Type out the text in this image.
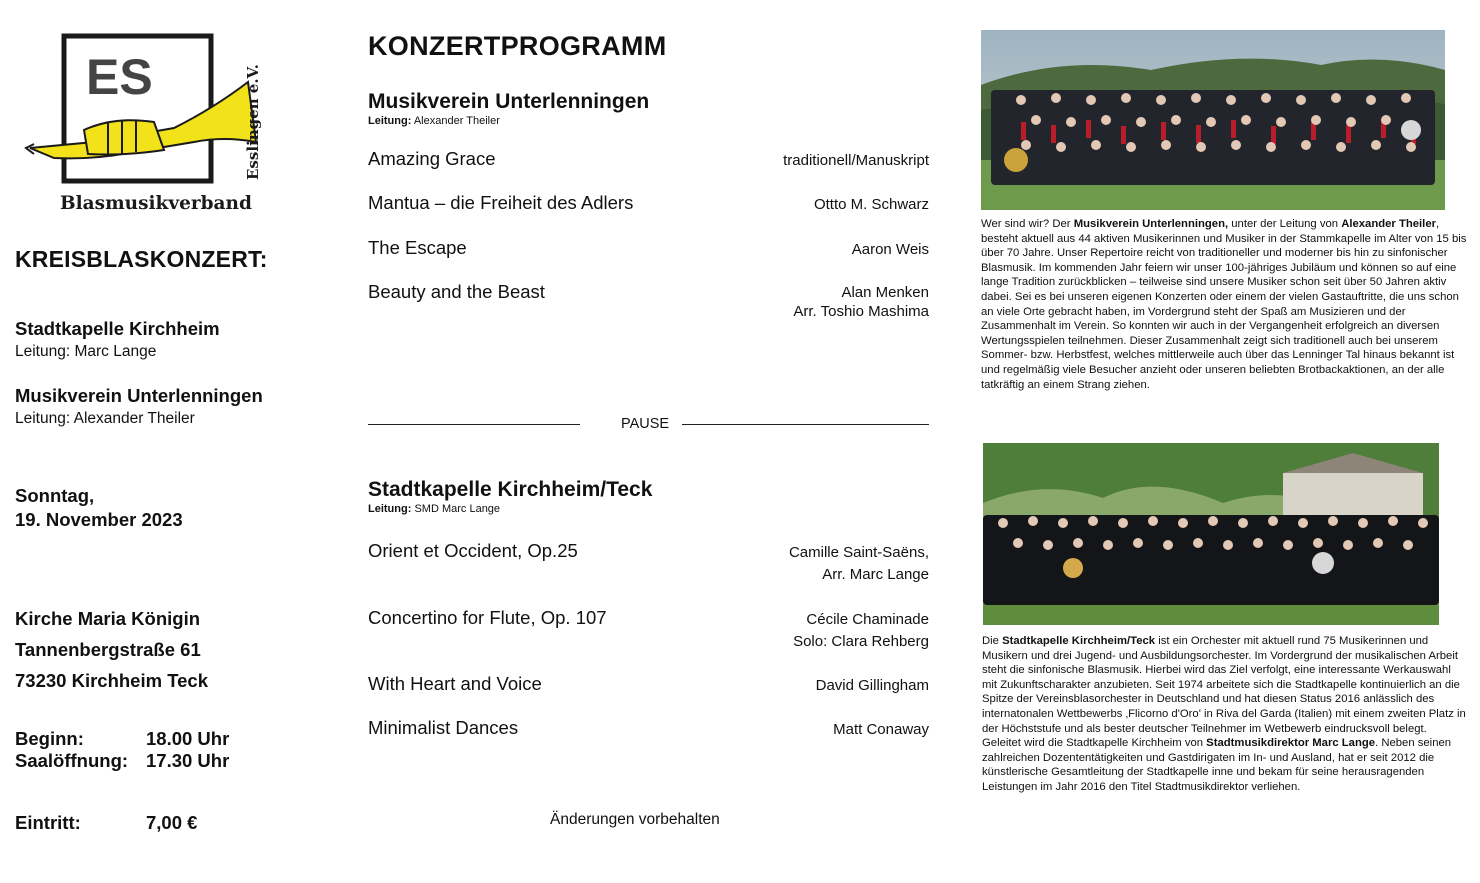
ES	Esslingen e.V.
Blasmusikverband
KREISBLASKONZERT:
Stadtkapelle Kirchheim
Leitung: Marc Lange
Musikverein Unterlenningen
Leitung: Alexander Theiler
Sonntag,
19. November 2023
Kirche Maria Königin
Tannenbergstraße 61
73230 Kirchheim Teck
Beginn:	18.00 Uhr
Saalöffnung: 17.30 Uhr
Eintritt:	7,00 €
KONZERTPROGRAMM
Musikverein Unterlenningen
Leitung: Alexander Theiler
Amazing Grace	traditionell/Manuskript
Mantua – die Freiheit des Adlers	Ottto M. Schwarz
The Escape	Aaron Weis
Beauty and the Beast	Alan Menken
Arr. Toshio Mashima
PAUSE
Stadtkapelle Kirchheim/Teck
Leitung: SMD Marc Lange
Orient et Occident, Op.25	Camille Saint-Saëns,
Arr. Marc Lange
Concertino for Flute, Op. 107	Cécile Chaminade
Solo: Clara Rehberg
With Heart and Voice	David Gillingham
Minimalist Dances	Matt Conaway
Änderungen vorbehalten
Wer sind wir? Der Musikverein Unterlenningen, unter der Leitung von Alexander Theiler, besteht aktuell aus 44 aktiven Musikerinnen und Musiker in der Stammkapelle im Alter von 15 bis über 70 Jahre. Unser Repertoire reicht von traditioneller und moderner bis hin zu sinfonischer Blasmusik. Im kommenden Jahr feiern wir unser 100-jähriges Jubiläum und können so auf eine lange Tradition zurückblicken – teilweise sind unsere Musiker schon seit über 50 Jahren aktiv dabei. Sei es bei unseren eigenen Konzerten oder einem der vielen Gastauftritte, die uns schon an viele Orte gebracht haben, im Vordergrund steht der Spaß am Musizieren und der Zusammenhalt im Verein. So konnten wir auch in der Vergangenheit erfolgreich an diversen Wertungsspielen teilnehmen. Dieser Zusammenhalt zeigt sich traditionell auch bei unserem Sommer- bzw. Herbstfest, welches mittlerweile auch über das Lenninger Tal hinaus bekannt ist und regelmäßig viele Besucher anzieht oder unseren beliebten Brotbackaktionen, an der alle tatkräftig an einem Strang ziehen.
Die Stadtkapelle Kirchheim/Teck ist ein Orchester mit aktuell rund 75 Musikerinnen und Musikern und drei Jugend- und Ausbildungsorchester. Im Vordergrund der musikalischen Arbeit steht die sinfonische Blasmusik. Hierbei wird das Ziel verfolgt, eine interessante Werkauswahl mit Zukunftscharakter anzubieten. Seit 1974 arbeitete sich die Stadtkapelle kontinuierlich an die Spitze der Vereinsblasorchester in Deutschland und hat diesen Status 2016 anlässlich des internatonalen Wettbewerbs ‚Flicorno d'Oro' in Riva del Garda (Italien) mit einem zweiten Platz in der Höchststufe und als bester deutscher Teilnehmer im Wetbewerb eindrucksvoll belegt. Geleitet wird die Stadtkapelle Kirchheim von Stadtmusikdirektor Marc Lange. Neben seinen zahlreichen Dozententätigkeiten und Gastdirigaten im In- und Ausland, hat er seit 2012 die künstlerische Gesamtleitung der Stadtkapelle inne und bekam für seine herausragenden Leistungen im Jahr 2016 den Titel Stadtmusikdirektor verliehen.
